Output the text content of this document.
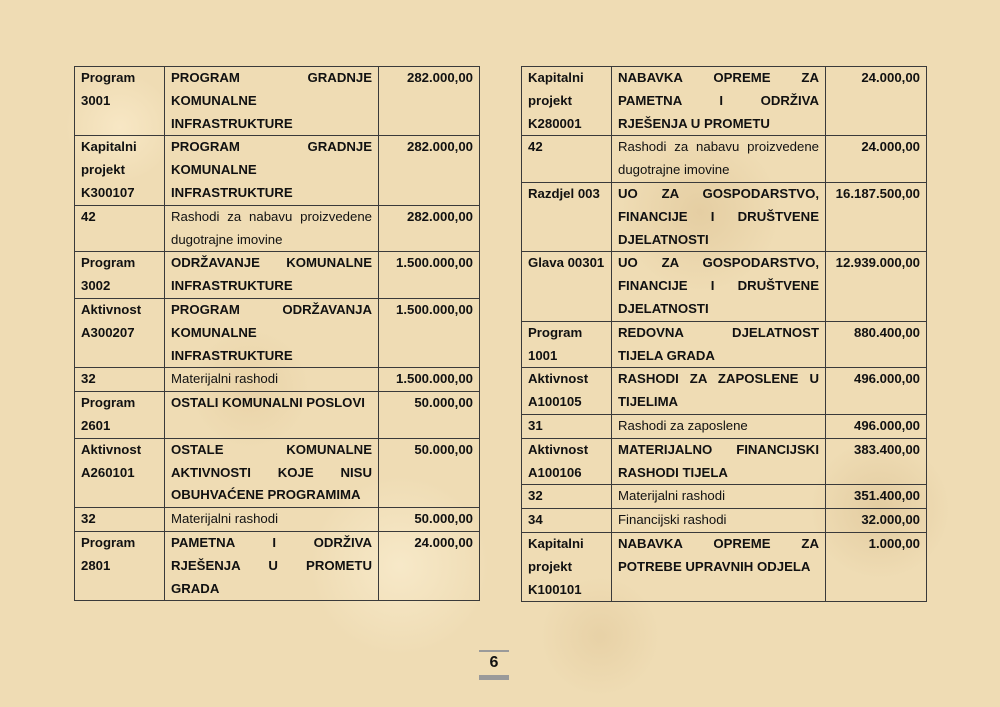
Program 3001	PROGRAM GRADNJE KOMUNALNE INFRASTRUKTURE	282.000,00
Kapitalni projekt K300107	PROGRAM GRADNJE KOMUNALNE INFRASTRUKTURE	282.000,00
42	Rashodi za nabavu proizvedene dugotrajne imovine	282.000,00
Program 3002	ODRŽAVANJE KOMUNALNE INFRASTRUKTURE	1.500.000,00
Aktivnost A300207	PROGRAM ODRŽAVANJA KOMUNALNE INFRASTRUKTURE	1.500.000,00
32	Materijalni rashodi	1.500.000,00
Program 2601	OSTALI KOMUNALNI POSLOVI	50.000,00
Aktivnost A260101	OSTALE KOMUNALNE AKTIVNOSTI KOJE NISU OBUHVAĆENE PROGRAMIMA	50.000,00
32	Materijalni rashodi	50.000,00
Program 2801	PAMETNA I ODRŽIVA RJEŠENJA U PROMETU GRADA	24.000,00
Kapitalni projekt K280001	NABAVKA OPREME ZA PAMETNA I ODRŽIVA RJEŠENJA U PROMETU	24.000,00
42	Rashodi za nabavu proizvedene dugotrajne imovine	24.000,00
Razdjel 003	UO ZA GOSPODARSTVO, FINANCIJE I DRUŠTVENE DJELATNOSTI	16.187.500,00
Glava 00301	UO ZA GOSPODARSTVO, FINANCIJE I DRUŠTVENE DJELATNOSTI	12.939.000,00
Program 1001	REDOVNA DJELATNOST TIJELA GRADA	880.400,00
Aktivnost A100105	RASHODI ZA ZAPOSLENE U TIJELIMA	496.000,00
31	Rashodi za zaposlene	496.000,00
Aktivnost A100106	MATERIJALNO FINANCIJSKI RASHODI TIJELA	383.400,00
32	Materijalni rashodi	351.400,00
34	Financijski rashodi	32.000,00
Kapitalni projekt K100101	NABAVKA OPREME ZA POTREBE UPRAVNIH ODJELA	1.000,00
6
